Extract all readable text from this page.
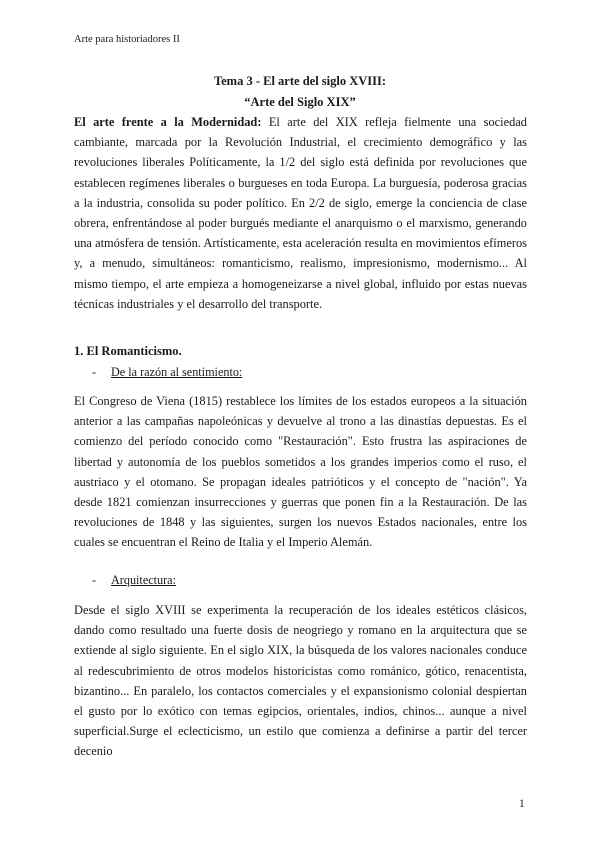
Arte para historiadores II
Tema 3 - El arte del siglo XVIII:
“Arte del Siglo XIX”

El arte frente a la Modernidad: El arte del XIX refleja fielmente una sociedad cambiante, marcada por la Revolución Industrial, el crecimiento demográfico y las revoluciones liberales Políticamente, la 1/2 del siglo está definida por revoluciones que establecen regímenes liberales o burgueses en toda Europa. La burguesía, poderosa gracias a la industria, consolida su poder político. En 2/2 de siglo, emerge la conciencia de clase obrera, enfrentándose al poder burgués mediante el anarquismo o el marxismo, generando una atmósfera de tensión. Artísticamente, esta aceleración resulta en movimientos efímeros y, a menudo, simultáneos: romanticismo, realismo, impresionismo, modernismo... Al mismo tiempo, el arte empieza a homogeneizarse a nivel global, influido por estas nuevas técnicas industriales y el desarrollo del transporte.

1. El Romanticismo.
- De la razón al sentimiento:

El Congreso de Viena (1815) restablece los límites de los estados europeos a la situación anterior a las campañas napoleónicas y devuelve al trono a las dinastías depuestas. Es el comienzo del período conocido como "Restauración". Esto frustra las aspiraciones de libertad y autonomía de los pueblos sometidos a los grandes imperios como el ruso, el austriaco y el otomano. Se propagan ideales patrióticos y el concepto de "nación". Ya desde 1821 comienzan insurrecciones y guerras que ponen fin a la Restauración. De las revoluciones de 1848 y las siguientes, surgen los nuevos Estados nacionales, entre los cuales se encuentran el Reino de Italia y el Imperio Alemán.

- Arquitectura:

Desde el siglo XVIII se experimenta la recuperación de los ideales estéticos clásicos, dando como resultado una fuerte dosis de neogriego y romano en la arquitectura que se extiende al siglo siguiente. En el siglo XIX, la búsqueda de los valores nacionales conduce al redescubrimiento de otros modelos historicistas como románico, gótico, renacentista, bizantino... En paralelo, los contactos comerciales y el expansionismo colonial despiertan el gusto por lo exótico con temas egipcios, orientales, indios, chinos... aunque a nivel superficial.Surge el eclecticismo, un estilo que comienza a definirse a partir del tercer decenio

1
